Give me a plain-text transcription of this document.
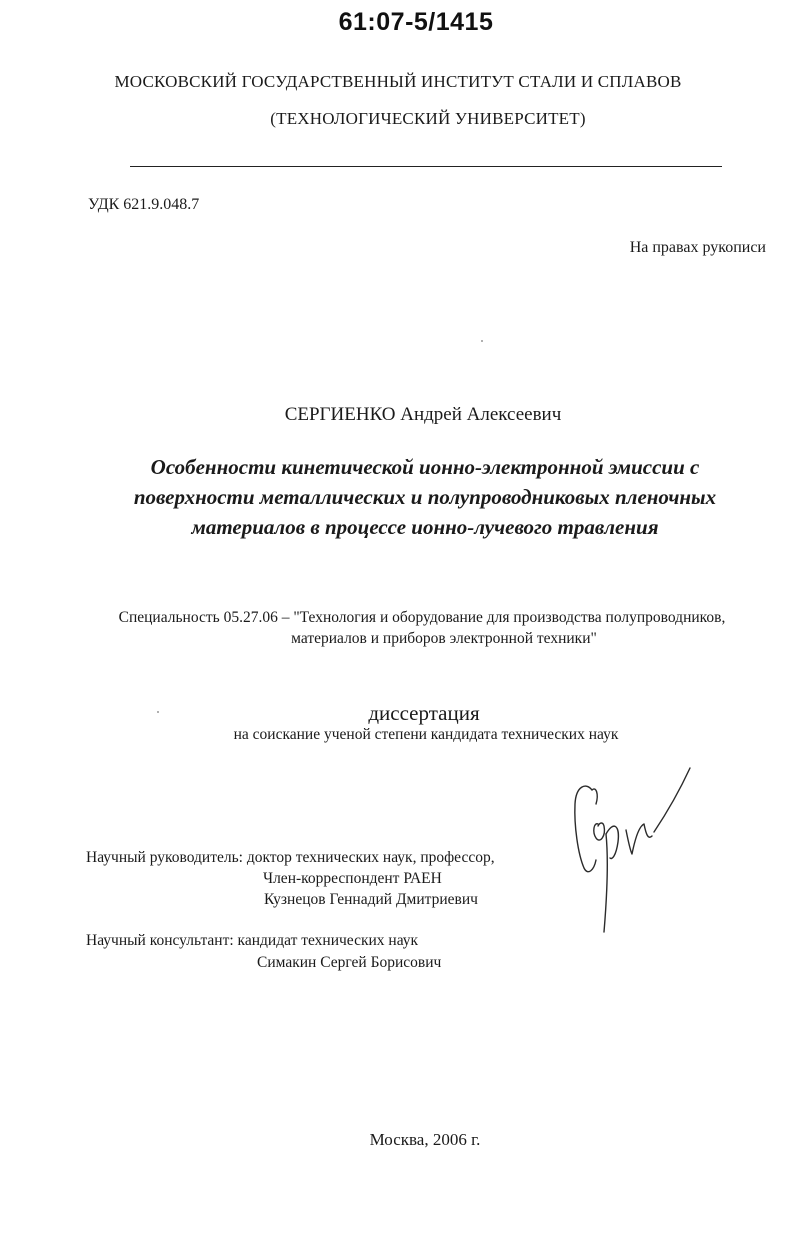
61:07-5/1415
МОСКОВСКИЙ ГОСУДАРСТВЕННЫЙ ИНСТИТУТ СТАЛИ И СПЛАВОВ
(ТЕХНОЛОГИЧЕСКИЙ УНИВЕРСИТЕТ)
УДК 621.9.048.7
На правах рукописи
СЕРГИЕНКО Андрей Алексеевич
Особенности кинетической ионно-электронной эмиссии с
поверхности металлических и полупроводниковых пленочных
материалов в процессе ионно-лучевого травления
Специальность 05.27.06 – "Технология и оборудование для производства полупроводников,
материалов и приборов электронной техники"
диссертация
на соискание ученой степени кандидата технических наук
Научный руководитель: доктор технических наук, профессор,
Член-корреспондент РАЕН
Кузнецов Геннадий Дмитриевич
Научный консультант: кандидат технических наук
Симакин Сергей Борисович
Москва, 2006 г.
